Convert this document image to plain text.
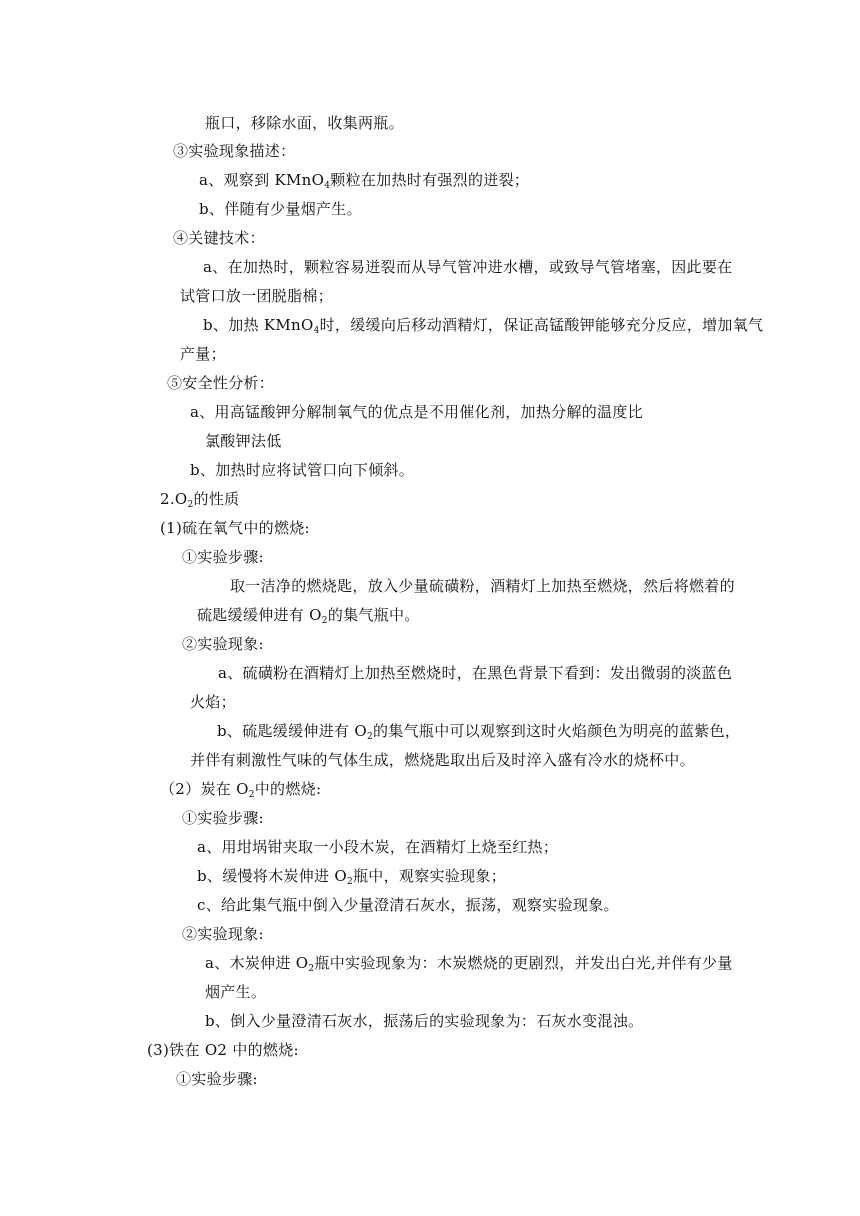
瓶口，移除水面，收集两瓶。
③实验现象描述：
a、观察到 KMnO$_4$颗粒在加热时有强烈的迸裂；
b、伴随有少量烟产生。
④关键技术：
a、在加热时，颗粒容易迸裂而从导气管冲进水槽，或致导气管堵塞，因此要在
试管口放一团脱脂棉；
b、加热 KMnO$_4$时，缓缓向后移动酒精灯，保证高锰酸钾能够充分反应，增加氧气
产量；
⑤安全性分析：
a、用高锰酸钾分解制氧气的优点是不用催化剂，加热分解的温度比
氯酸钾法低
b、加热时应将试管口向下倾斜。
$2.O_2$的性质
(1)硫在氧气中的燃烧:
①实验步骤:
取一洁净的燃烧匙，放入少量硫磺粉，酒精灯上加热至燃烧，然后将燃着的
硫匙缓缓伸进有 $O_2$的集气瓶中。
②实验现象:
a、硫磺粉在酒精灯上加热至燃烧时，在黑色背景下看到：发出微弱的淡蓝色
火焰；
b、硫匙缓缓伸进有 $O_2$的集气瓶中可以观察到这时火焰颜色为明亮的蓝紫色，
并伴有刺激性气味的气体生成，燃烧匙取出后及时淬入盛有冷水的烧杯中。
（2）炭在 $O_2$中的燃烧:
①实验步骤:
a、用坩埚钳夹取一小段木炭，在酒精灯上烧至红热；
b、缓慢将木炭伸进 $O_2$瓶中，观察实验现象；
c、给此集气瓶中倒入少量澄清石灰水，振荡，观察实验现象。
②实验现象:
a、木炭伸进 $O_2$瓶中实验现象为：木炭燃烧的更剧烈，并发出白光,并伴有少量
烟产生。
b、倒入少量澄清石灰水，振荡后的实验现象为：石灰水变混浊。
(3)铁在 O2 中的燃烧:
①实验步骤:
